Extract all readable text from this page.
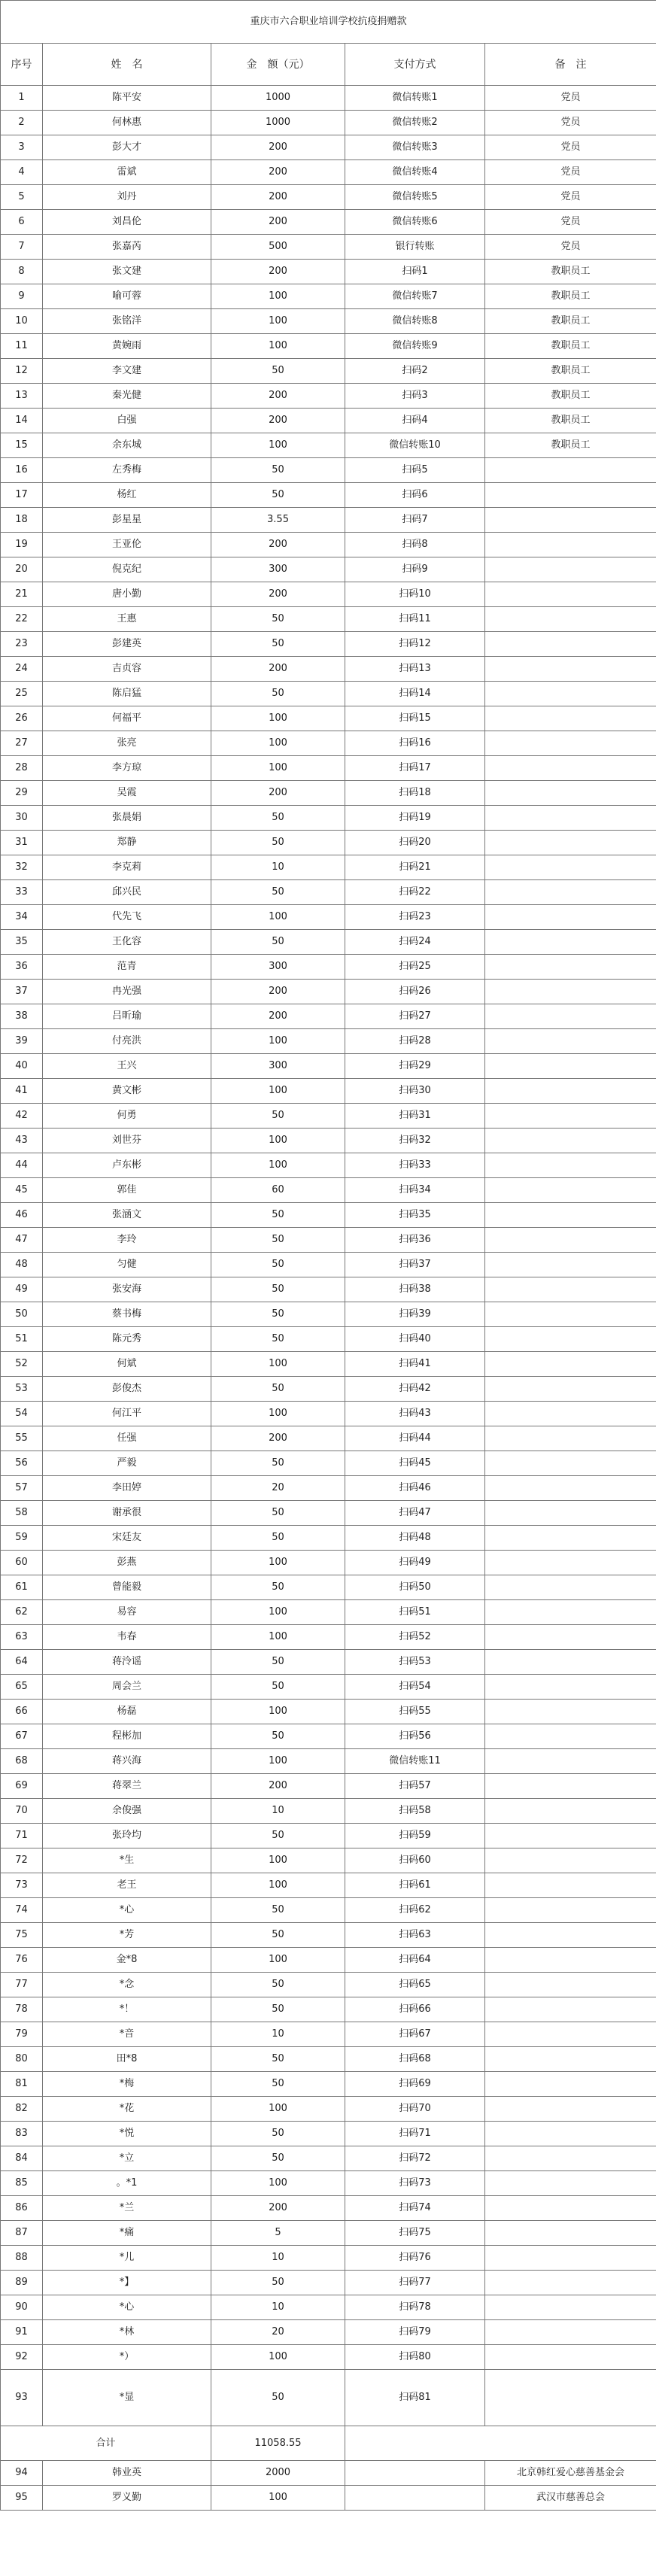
重庆市六合职业培训学校抗疫捐赠款				
序号	姓　名	金　额（元）	支付方式	备　注
1	陈平安	1000	微信转账1	党员
2	何林惠	1000	微信转账2	党员
3	彭大才	200	微信转账3	党员
4	雷斌	200	微信转账4	党员
5	刘丹	200	微信转账5	党员
6	刘昌伦	200	微信转账6	党员
7	张嘉芮	500	银行转账	党员
8	张文建	200	扫码1	教职员工
9	喻可蓉	100	微信转账7	教职员工
10	张铭洋	100	微信转账8	教职员工
11	黄婉雨	100	微信转账9	教职员工
12	李文建	50	扫码2	教职员工
13	秦光健	200	扫码3	教职员工
14	白强	200	扫码4	教职员工
15	余东城	100	微信转账10	教职员工
16	左秀梅	50	扫码5	
17	杨红	50	扫码6	
18	彭星星	3.55	扫码7	
19	王亚伦	200	扫码8	
20	倪克纪	300	扫码9	
21	唐小勤	200	扫码10	
22	王惠	50	扫码11	
23	彭建英	50	扫码12	
24	吉贞容	200	扫码13	
25	陈启猛	50	扫码14	
26	何福平	100	扫码15	
27	张亮	100	扫码16	
28	李方琼	100	扫码17	
29	吴霞	200	扫码18	
30	张晨娟	50	扫码19	
31	郑静	50	扫码20	
32	李克莉	10	扫码21	
33	邱兴民	50	扫码22	
34	代先飞	100	扫码23	
35	王化容	50	扫码24	
36	范青	300	扫码25	
37	冉光强	200	扫码26	
38	吕昕瑜	200	扫码27	
39	付亮洪	100	扫码28	
40	王兴	300	扫码29	
41	黄文彬	100	扫码30	
42	何勇	50	扫码31	
43	刘世芬	100	扫码32	
44	卢东彬	100	扫码33	
45	郭佳	60	扫码34	
46	张涵文	50	扫码35	
47	李玲	50	扫码36	
48	匀健	50	扫码37	
49	张安海	50	扫码38	
50	蔡书梅	50	扫码39	
51	陈元秀	50	扫码40	
52	何斌	100	扫码41	
53	彭俊杰	50	扫码42	
54	何江平	100	扫码43	
55	任强	200	扫码44	
56	严毅	50	扫码45	
57	李田婷	20	扫码46	
58	谢承很	50	扫码47	
59	宋廷友	50	扫码48	
60	彭燕	100	扫码49	
61	曾能毅	50	扫码50	
62	易容	100	扫码51	
63	韦春	100	扫码52	
64	蒋泠谣	50	扫码53	
65	周会兰	50	扫码54	
66	杨磊	100	扫码55	
67	程彬加	50	扫码56	
68	蒋兴海	100	微信转账11	
69	蒋翠兰	200	扫码57	
70	余俊强	10	扫码58	
71	张玲均	50	扫码59	
72	*生	100	扫码60	
73	老王	100	扫码61	
74	*心	50	扫码62	
75	*芳	50	扫码63	
76	金*8	100	扫码64	
77	*念	50	扫码65	
78	*！	50	扫码66	
79	*音	10	扫码67	
80	田*8	50	扫码68	
81	*梅	50	扫码69	
82	*花	100	扫码70	
83	*悦	50	扫码71	
84	*立	50	扫码72	
85	。*1	100	扫码73	
86	*兰	200	扫码74	
87	*痛	5	扫码75	
88	*儿	10	扫码76	
89	*】	50	扫码77	
90	*心	10	扫码78	
91	*林	20	扫码79	
92	*）	100	扫码80	
93	*显	50	扫码81	
合计		11058.55		
94	韩业英	2000		北京韩红爱心慈善基金会
95	罗义勤	100		武汉市慈善总会
